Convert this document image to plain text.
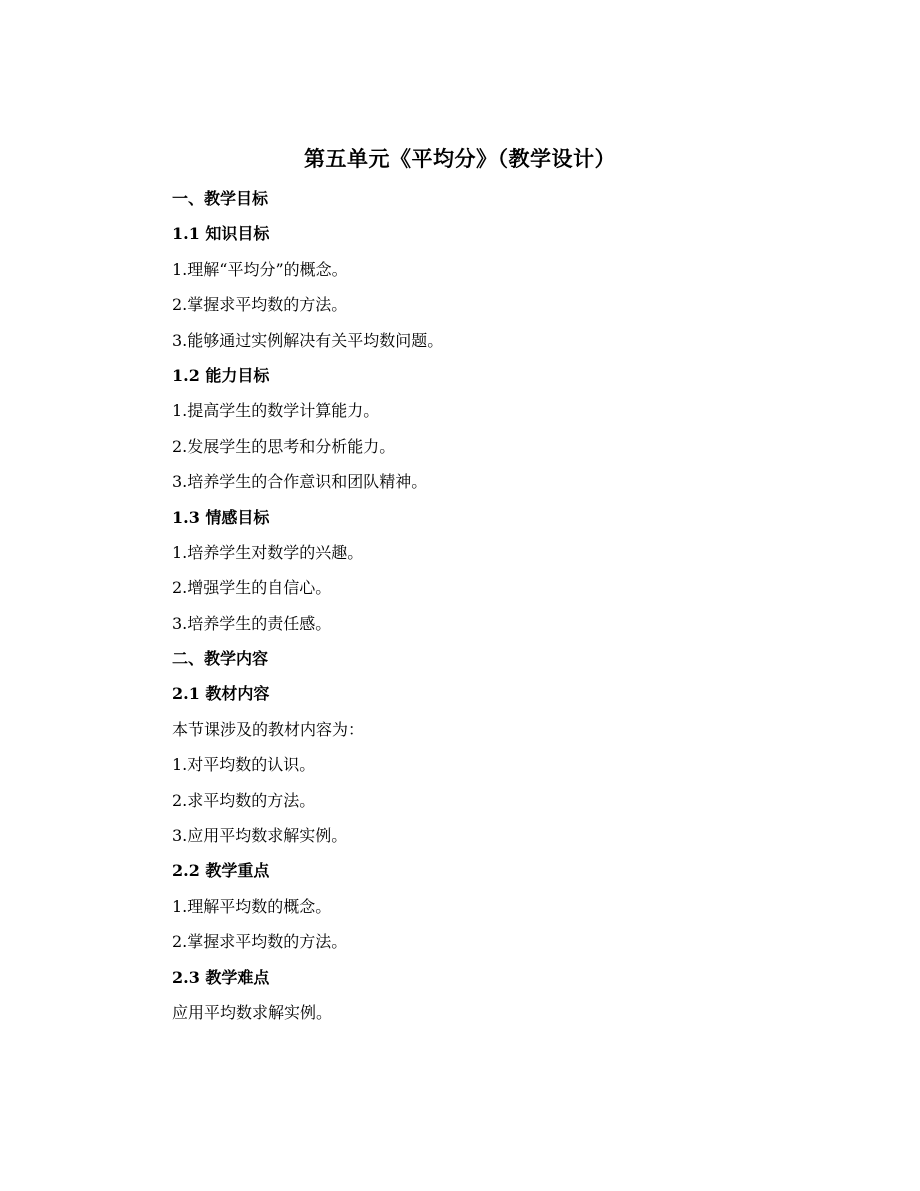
第五单元《平均分》（教学设计）
一、教学目标
1.1 知识目标
1.理解“平均分”的概念。
2.掌握求平均数的方法。
3.能够通过实例解决有关平均数问题。
1.2 能力目标
1.提高学生的数学计算能力。
2.发展学生的思考和分析能力。
3.培养学生的合作意识和团队精神。
1.3 情感目标
1.培养学生对数学的兴趣。
2.增强学生的自信心。
3.培养学生的责任感。
二、教学内容
2.1 教材内容
本节课涉及的教材内容为：
1.对平均数的认识。
2.求平均数的方法。
3.应用平均数求解实例。
2.2 教学重点
1.理解平均数的概念。
2.掌握求平均数的方法。
2.3 教学难点
应用平均数求解实例。
